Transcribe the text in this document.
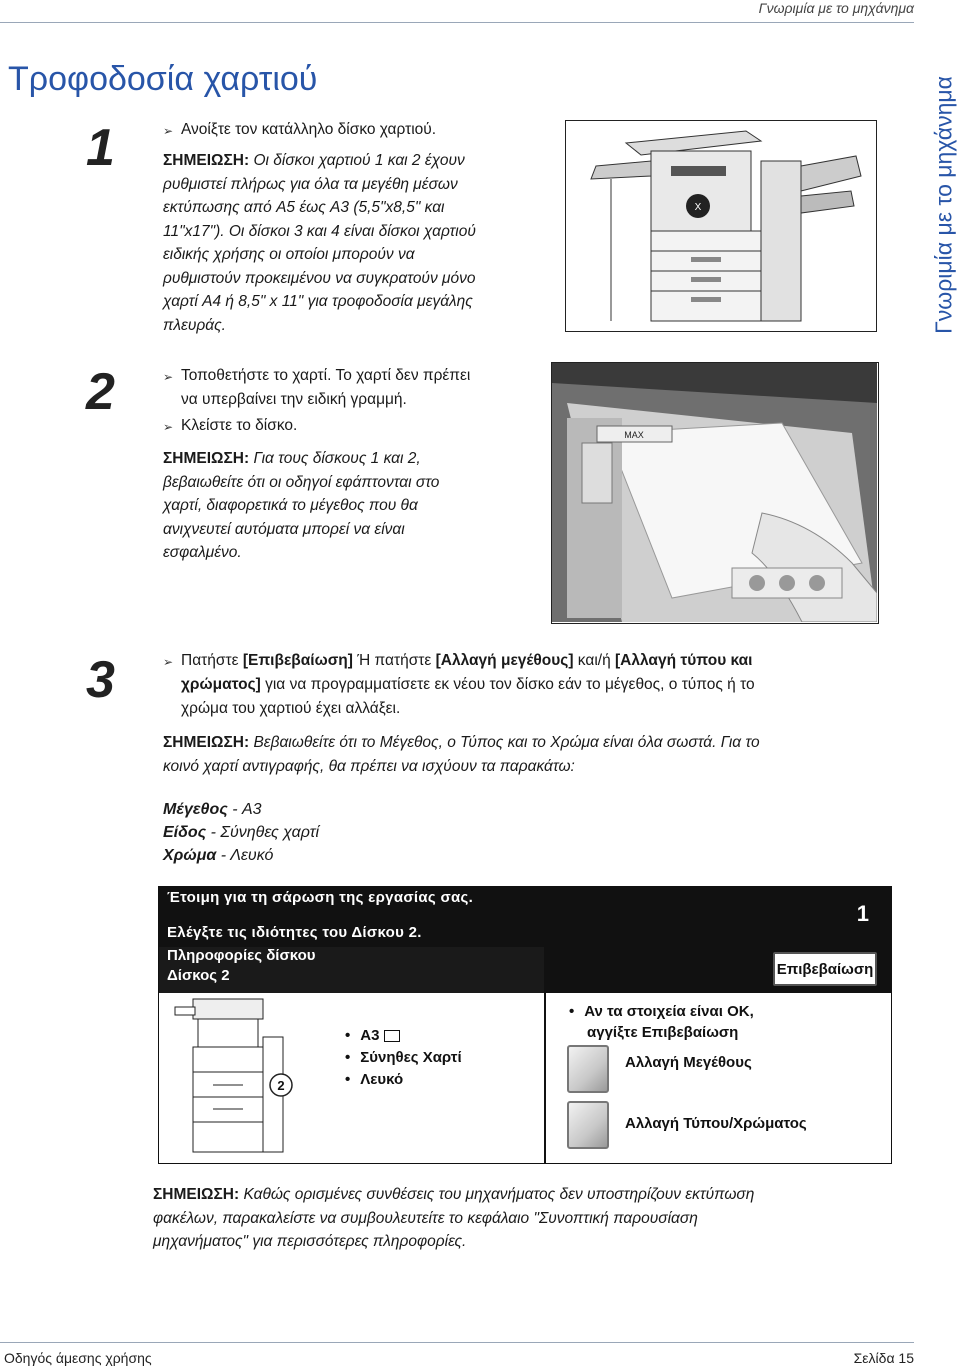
Γνωριμία με το μηχάνημα
Τροφοδοσία χαρτιού	Γνωριμία με το μηχάνημα
1	➢ Ανοίξτε τον κατάλληλο δίσκο χαρτιού.
ΣΗΜΕΙΩΣΗ: Οι δίσκοι χαρτιού 1 και 2 έχουν
ρυθμιστεί πλήρως για όλα τα μεγέθη μέσων
εκτύπωσης από A5 έως A3 (5,5"x8,5" και
11"x17"). Οι δίσκοι 3 και 4 είναι δίσκοι χαρτιού
ειδικής χρήσης οι οποίοι μπορούν να
ρυθμιστούν προκειμένου να συγκρατούν μόνο
χαρτί A4 ή 8,5" x 11" για τροφοδοσία μεγάλης
πλευράς.
X
2	➢ Τοποθετήστε το χαρτί. Το χαρτί δεν πρέπει
να υπερβαίνει την ειδική γραμμή.
➢ Κλείστε το δίσκο.
ΣΗΜΕΙΩΣΗ: Για τους δίσκους 1 και 2,
βεβαιωθείτε ότι οι οδηγοί εφάπτονται στο
χαρτί, διαφορετικά το μέγεθος που θα
ανιχνευτεί αυτόματα μπορεί να είναι
εσφαλμένο.
MAX
3	➢ Πατήστε [Επιβεβαίωση] Ή πατήστε [Αλλαγή μεγέθους] και/ή [Αλλαγή τύπου και
χρώματος] για να προγραμματίσετε εκ νέου τον δίσκο εάν το μέγεθος, ο τύπος ή το
χρώμα του χαρτιού έχει αλλάξει.
ΣΗΜΕΙΩΣΗ: Βεβαιωθείτε ότι το Μέγεθος, ο Τύπος και το Χρώμα είναι όλα σωστά. Για το
κοινό χαρτί αντιγραφής, θα πρέπει να ισχύουν τα παρακάτω:
Μέγεθος - A3
Είδος - Σύνηθες χαρτί
Χρώμα - Λευκό
Έτοιμη για τη σάρωση της εργασίας σας.
Ελέγξτε τις ιδιότητες του Δίσκου 2.
1
Πληροφορίες δίσκου
Δίσκος 2	Επιβεβαίωση
2
• A3
• Σύνηθες Χαρτί
• Λευκό
• Αν τα στοιχεία είναι OK,
αγγίξτε Επιβεβαίωση
Αλλαγή Μεγέθους
Αλλαγή Τύπου/Χρώματος
ΣΗΜΕΙΩΣΗ: Καθώς ορισμένες συνθέσεις του μηχανήματος δεν υποστηρίζουν εκτύπωση
φακέλων, παρακαλείστε να συμβουλευτείτε το κεφάλαιο "Συνοπτική παρουσίαση
μηχανήματος" για περισσότερες πληροφορίες.
Οδηγός άμεσης χρήσης	Σελίδα 15
